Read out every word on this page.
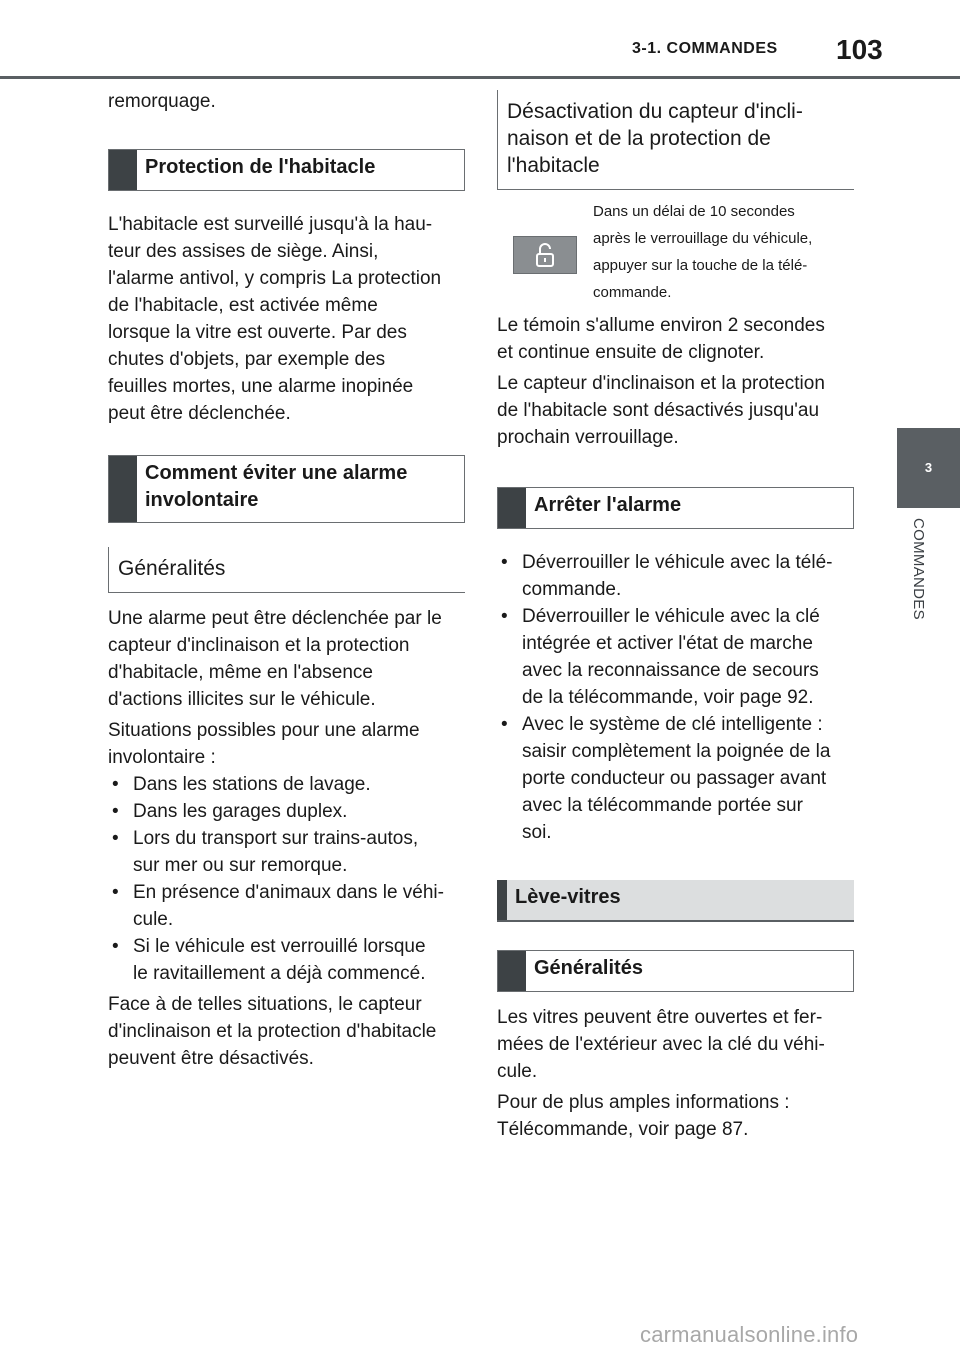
3-1. COMMANDES 103
3
COMMANDES

remorquage.

Protection de l'habitacle

L'habitacle est surveillé jusqu'à la hau-
teur des assises de siège. Ainsi,
l'alarme antivol, y compris La protection
de l'habitacle, est activée même
lorsque la vitre est ouverte. Par des
chutes d'objets, par exemple des
feuilles mortes, une alarme inopinée
peut être déclenchée.

Comment éviter une alarme
involontaire
Généralités

Une alarme peut être déclenchée par le
capteur d'inclinaison et la protection
d'habitacle, même en l'absence
d'actions illicites sur le véhicule.

Situations possibles pour une alarme
involontaire :

• Dans les stations de lavage.
• Dans les garages duplex.
• Lors du transport sur trains-autos,
sur mer ou sur remorque.
• En présence d'animaux dans le véhi-
cule.
• Si le véhicule est verrouillé lorsque
le ravitaillement a déjà commencé.

Face à de telles situations, le capteur
d'inclinaison et la protection d'habitacle
peuvent être désactivés.

Désactivation du capteur d'incli-
naison et de la protection de
l'habitacle
Dans un délai de 10 secondes
après le verrouillage du véhicule,
appuyer sur la touche de la télé-
commande.

Le témoin s'allume environ 2 secondes
et continue ensuite de clignoter.

Le capteur d'inclinaison et la protection
de l'habitacle sont désactivés jusqu'au
prochain verrouillage.

Arrêter l'alarme
• Déverrouiller le véhicule avec la télé-
commande.
• Déverrouiller le véhicule avec la clé
intégrée et activer l'état de marche
avec la reconnaissance de secours
de la télécommande, voir page 92.
• Avec le système de clé intelligente :
saisir complètement la poignée de la
porte conducteur ou passager avant
avec la télécommande portée sur
soi.
Lève-vitres
Généralités

Les vitres peuvent être ouvertes et fer-
mées de l'extérieur avec la clé du véhi-
cule.

Pour de plus amples informations :
Télécommande, voir page 87.

carmanualsonline.info
